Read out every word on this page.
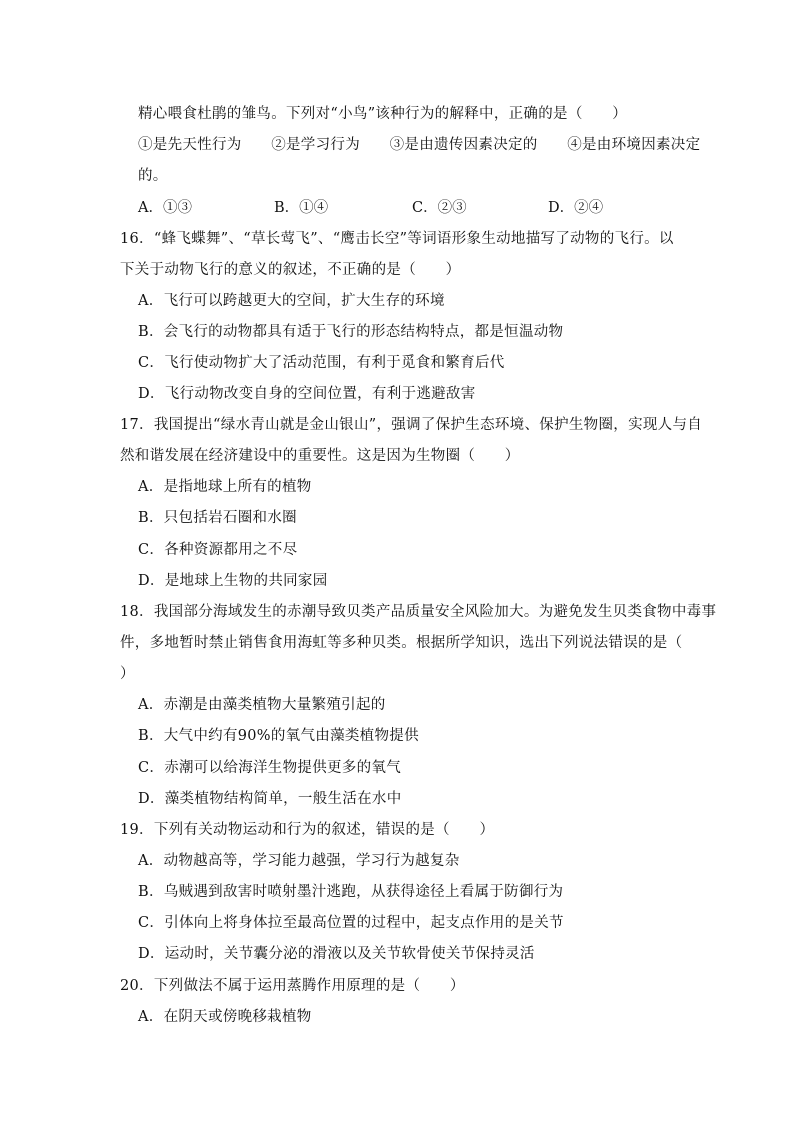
精心喂食杜鹃的雏鸟。下列对“小鸟”该种行为的解释中，正确的是（　　）
①是先天性行为　　②是学习行为　　③是由遗传因素决定的　　④是由环境因素决定
的。
A．①③	B．①④	C．②③	D．②④
16．“蜂飞蝶舞”、“草长莺飞”、“鹰击长空”等词语形象生动地描写了动物的飞行。以
下关于动物飞行的意义的叙述，不正确的是（　　）
A．飞行可以跨越更大的空间，扩大生存的环境
B．会飞行的动物都具有适于飞行的形态结构特点，都是恒温动物
C．飞行使动物扩大了活动范围，有利于觅食和繁育后代
D．飞行动物改变自身的空间位置，有利于逃避敌害
17．我国提出“绿水青山就是金山银山”，强调了保护生态环境、保护生物圈，实现人与自
然和谐发展在经济建设中的重要性。这是因为生物圈（　　）
A．是指地球上所有的植物
B．只包括岩石圈和水圈
C．各种资源都用之不尽
D．是地球上生物的共同家园
18．我国部分海域发生的赤潮导致贝类产品质量安全风险加大。为避免发生贝类食物中毒事
件，多地暂时禁止销售食用海虹等多种贝类。根据所学知识，选出下列说法错误的是（
）
A．赤潮是由藻类植物大量繁殖引起的
B．大气中约有90%的氧气由藻类植物提供
C．赤潮可以给海洋生物提供更多的氧气
D．藻类植物结构简单，一般生活在水中
19．下列有关动物运动和行为的叙述，错误的是（　　）
A．动物越高等，学习能力越强，学习行为越复杂
B．乌贼遇到敌害时喷射墨汁逃跑，从获得途径上看属于防御行为
C．引体向上将身体拉至最高位置的过程中，起支点作用的是关节
D．运动时，关节囊分泌的滑液以及关节软骨使关节保持灵活
20．下列做法不属于运用蒸腾作用原理的是（　　）
A．在阴天或傍晚移栽植物
